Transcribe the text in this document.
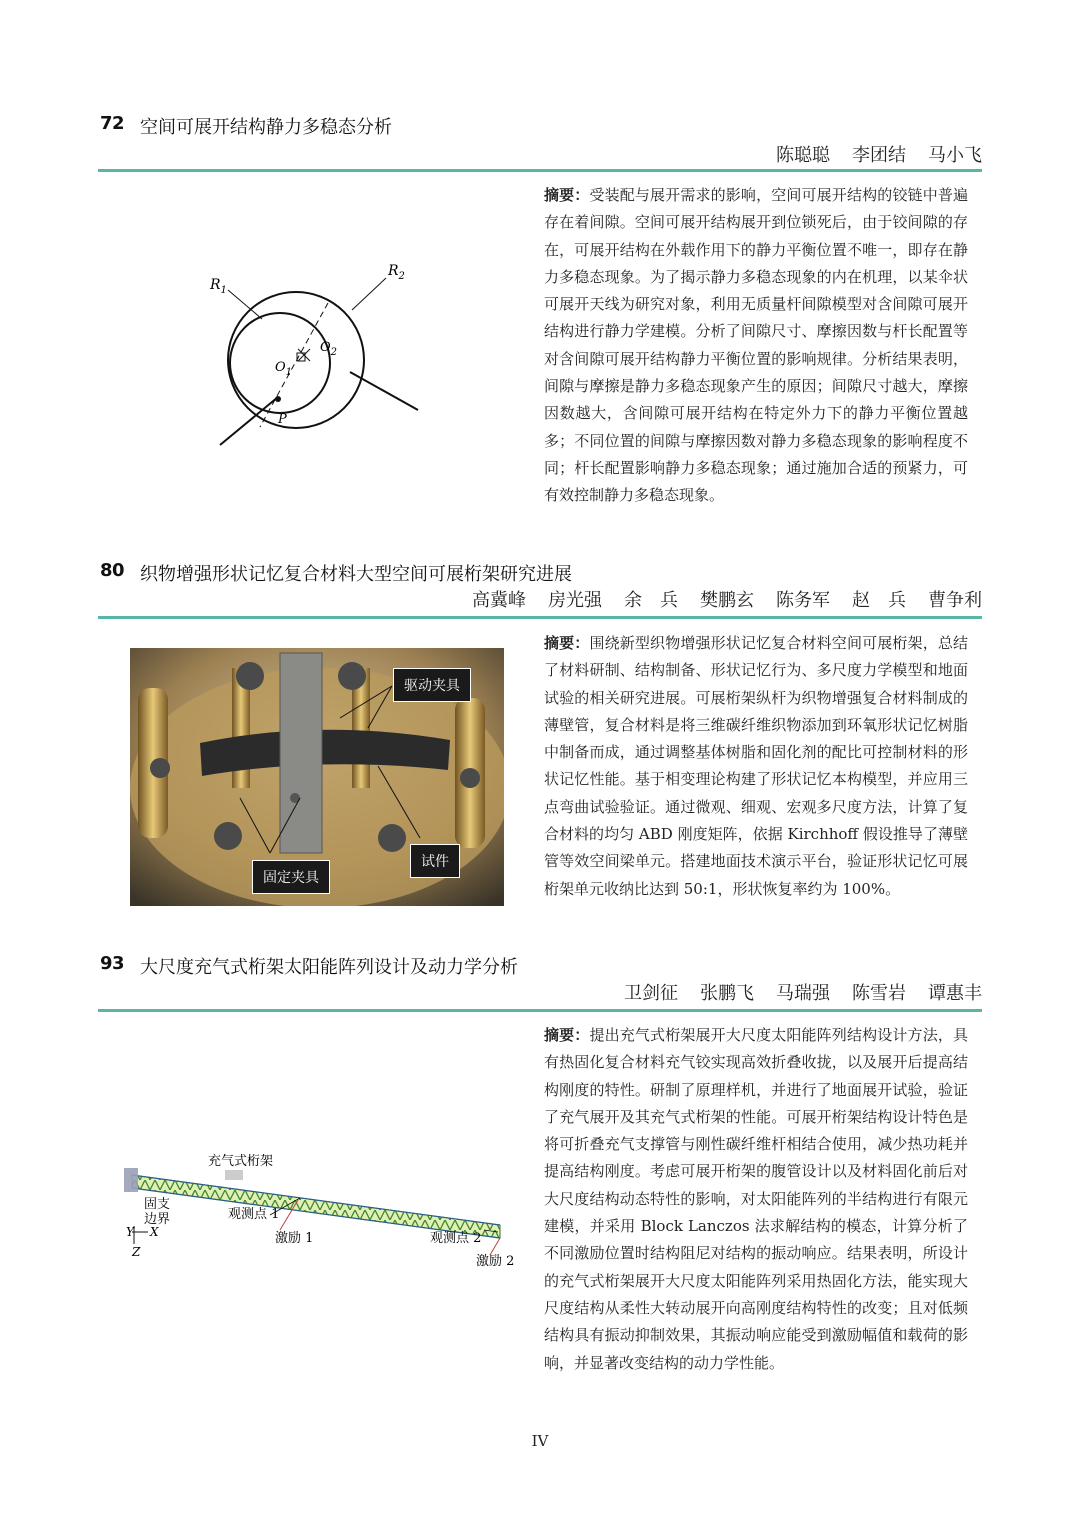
72 空间可展开结构静力多稳态分析
陈聪聪 李团结 马小飞
$R_1$
$R_2$
$O_1$
$O_2$
P
摘要：受装配与展开需求的影响，空间可展开结构的铰链中普遍存在着间隙。空间可展开结构展开到位锁死后，由于铰间隙的存在，可展开结构在外载作用下的静力平衡位置不唯一，即存在静力多稳态现象。为了揭示静力多稳态现象的内在机理，以某伞状可展开天线为研究对象，利用无质量杆间隙模型对含间隙可展开结构进行静力学建模。分析了间隙尺寸、摩擦因数与杆长配置等对含间隙可展开结构静力平衡位置的影响规律。分析结果表明，间隙与摩擦是静力多稳态现象产生的原因；间隙尺寸越大，摩擦因数越大，含间隙可展开结构在特定外力下的静力平衡位置越多；不同位置的间隙与摩擦因数对静力多稳态现象的影响程度不同；杆长配置影响静力多稳态现象；通过施加合适的预紧力，可有效控制静力多稳态现象。
80 织物增强形状记忆复合材料大型空间可展桁架研究进展
高冀峰 房光强 余　兵 樊鹏玄 陈务军 赵　兵 曹争利
驱动夹具
试件
固定夹具
摘要：围绕新型织物增强形状记忆复合材料空间可展桁架，总结了材料研制、结构制备、形状记忆行为、多尺度力学模型和地面试验的相关研究进展。可展桁架纵杆为织物增强复合材料制成的薄壁管，复合材料是将三维碳纤维织物添加到环氧形状记忆树脂中制备而成，通过调整基体树脂和固化剂的配比可控制材料的形状记忆性能。基于相变理论构建了形状记忆本构模型，并应用三点弯曲试验验证。通过微观、细观、宏观多尺度方法，计算了复合材料的均匀 ABD 刚度矩阵，依据 Kirchhoff 假设推导了薄壁管等效空间梁单元。搭建地面技术演示平台，验证形状记忆可展桁架单元收纳比达到 50:1，形状恢复率约为 100%。
93 大尺度充气式桁架太阳能阵列设计及动力学分析
卫剑征 张鹏飞 马瑞强 陈雪岩 谭惠丰
充气式桁架
固支
边界	观测点 1
激励 1	观测点 2
激励 2
Y X
Z
摘要：提出充气式桁架展开大尺度太阳能阵列结构设计方法，具有热固化复合材料充气铰实现高效折叠收拢，以及展开后提高结构刚度的特性。研制了原理样机，并进行了地面展开试验，验证了充气展开及其充气式桁架的性能。可展开桁架结构设计特色是将可折叠充气支撑管与刚性碳纤维杆相结合使用，减少热功耗并提高结构刚度。考虑可展开桁架的腹管设计以及材料固化前后对大尺度结构动态特性的影响，对太阳能阵列的半结构进行有限元建模，并采用 Block Lanczos 法求解结构的模态，计算分析了不同激励位置时结构阻尼对结构的振动响应。结果表明，所设计的充气式桁架展开大尺度太阳能阵列采用热固化方法，能实现大尺度结构从柔性大转动展开向高刚度结构特性的改变；且对低频结构具有振动抑制效果，其振动响应能受到激励幅值和载荷的影响，并显著改变结构的动力学性能。
IV
